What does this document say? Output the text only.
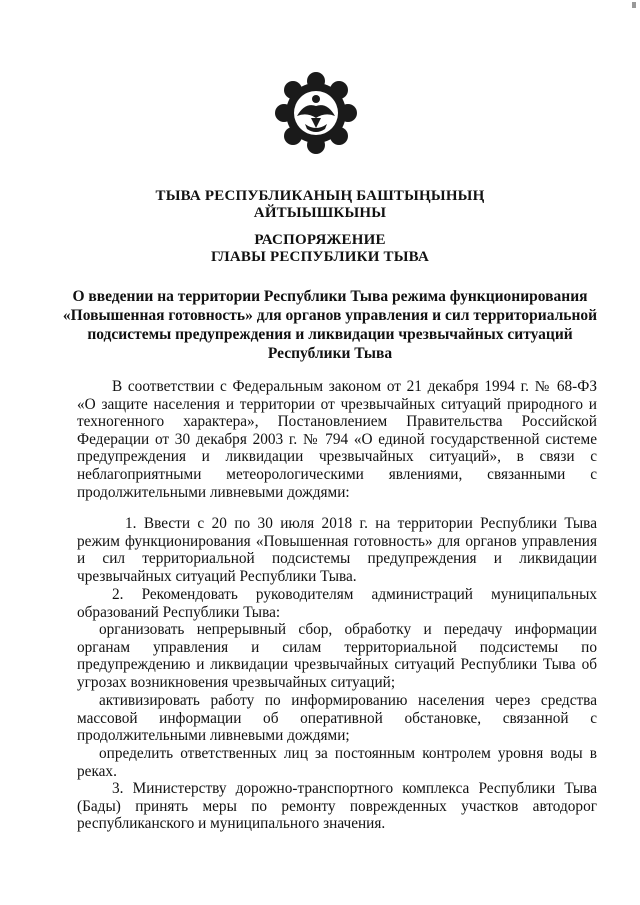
ТЫВА РЕСПУБЛИКАНЫҢ БАШТЫҢЫНЫҢ
АЙТЫЫШКЫНЫ
РАСПОРЯЖЕНИЕ
ГЛАВЫ РЕСПУБЛИКИ ТЫВА
О введении на территории Республики Тыва режима функционирования «Повышенная готовность» для органов управления и сил территориальной подсистемы предупреждения и ликвидации чрезвычайных ситуаций Республики Тыва
В соответствии с Федеральным законом от 21 декабря 1994 г. № 68-ФЗ «О защите населения и территории от чрезвычайных ситуаций природного и техногенного характера», Постановлением Правительства Российской Федерации от 30 декабря 2003 г. № 794 «О единой государственной системе предупреждения и ликвидации чрезвычайных ситуаций», в связи с неблагоприятными метеорологическими явлениями, связанными с продолжительными ливневыми дождями:
1. Ввести с 20 по 30 июля 2018 г. на территории Республики Тыва режим функционирования «Повышенная готовность» для органов управления и сил территориальной подсистемы предупреждения и ликвидации чрезвычайных ситуаций Республики Тыва.
2. Рекомендовать руководителям администраций муниципальных образований Республики Тыва:
организовать непрерывный сбор, обработку и передачу информации органам управления и силам территориальной подсистемы по предупреждению и ликвидации чрезвычайных ситуаций Республики Тыва об угрозах возникновения чрезвычайных ситуаций;
активизировать работу по информированию населения через средства массовой информации об оперативной обстановке, связанной с продолжительными ливневыми дождями;
определить ответственных лиц за постоянным контролем уровня воды в реках.
3. Министерству дорожно-транспортного комплекса Республики Тыва (Бады) принять меры по ремонту поврежденных участков автодорог республиканского и муниципального значения.
